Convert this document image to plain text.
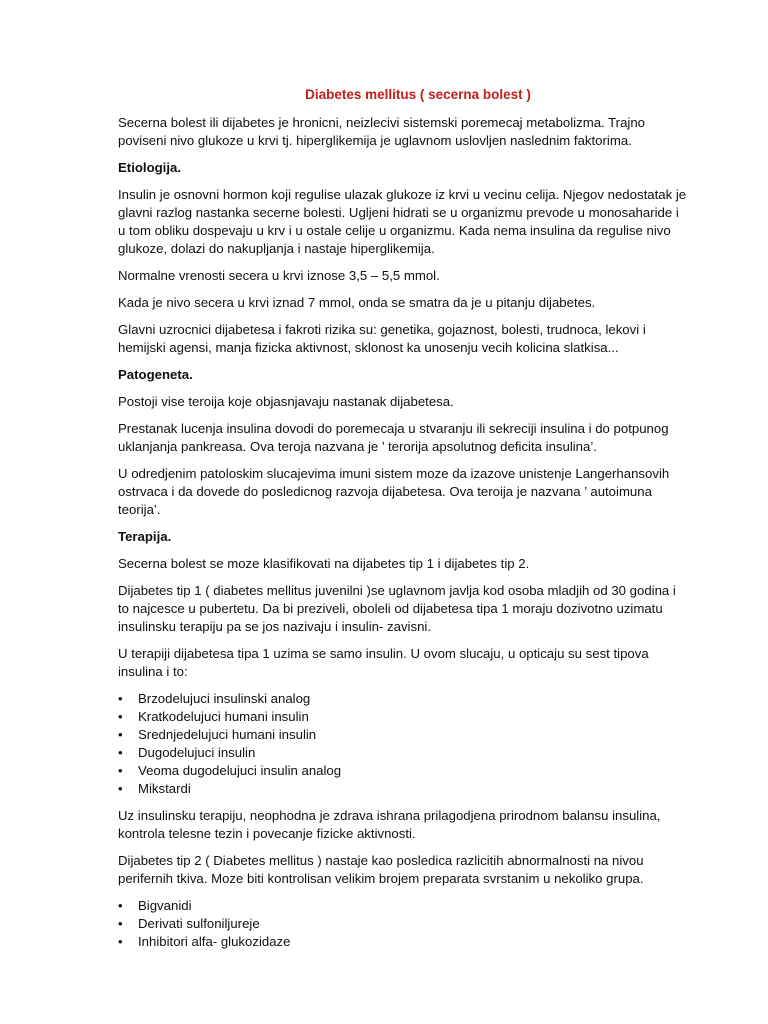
Diabetes mellitus ( secerna bolest )

Secerna bolest ili dijabetes je hronicni, neizlecivi sistemski poremecaj metabolizma. Trajno poviseni nivo glukoze u krvi tj. hiperglikemija je uglavnom uslovljen naslednim faktorima.

Etiologija.

Insulin je osnovni hormon koji regulise ulazak glukoze iz krvi u vecinu celija. Njegov nedostatak je glavni razlog nastanka secerne bolesti. Ugljeni hidrati se u organizmu prevode u monosaharide i u tom obliku dospevaju u krv i u ostale celije u organizmu. Kada nema insulina da regulise nivo glukoze, dolazi do nakupljanja i nastaje hiperglikemija.

Normalne vrenosti secera u krvi iznose 3,5 – 5,5 mmol.

Kada je nivo secera u krvi iznad 7 mmol, onda se smatra da je u pitanju dijabetes.

Glavni uzrocnici dijabetesa i fakroti rizika su: genetika, gojaznost, bolesti, trudnoca, lekovi i hemijski agensi, manja fizicka aktivnost, sklonost ka unosenju vecih kolicina slatkisa...

Patogeneta.

Postoji vise teroija koje objasnjavaju nastanak dijabetesa.

Prestanak lucenja insulina dovodi do poremecaja u stvaranju ili sekreciji insulina i do potpunog uklanjanja pankreasa. Ova teroja nazvana je ’ terorija apsolutnog deficita insulina’.

U odredjenim patoloskim slucajevima imuni sistem moze da izazove unistenje Langerhansovih ostrvaca i da dovede do posledicnog razvoja dijabetesa. Ova teroija je nazvana ’ autoimuna teorija’.

Terapija.

Secerna bolest se moze klasifikovati na dijabetes tip 1 i dijabetes tip 2.

Dijabetes tip 1 ( diabetes mellitus juvenilni )se uglavnom javlja kod osoba mladjih od 30 godina i to najcesce u pubertetu. Da bi preziveli, oboleli od dijabetesa tipa 1 moraju dozivotno uzimatu insulinsku terapiju pa se jos nazivaju i insulin- zavisni.

U terapiji dijabetesa tipa 1 uzima se samo insulin. U ovom slucaju, u opticaju su sest tipova insulina i to:

•	Brzodelujuci insulinski analog
•	Kratkodelujuci humani insulin
•	Srednjedelujuci humani insulin
•	Dugodelujuci insulin
•	Veoma dugodelujuci insulin analog
•	Mikstardi

Uz insulinsku terapiju, neophodna je zdrava ishrana prilagodjena prirodnom balansu insulina, kontrola telesne tezin i povecanje fizicke aktivnosti.

Dijabetes tip 2 ( Diabetes mellitus ) nastaje kao posledica razlicitih abnormalnosti na nivou perifernih tkiva. Moze biti kontrolisan velikim brojem preparata svrstanim u nekoliko grupa.

•	Bigvanidi
•	Derivati sulfoniljureje
•	Inhibitori alfa- glukozidaze
